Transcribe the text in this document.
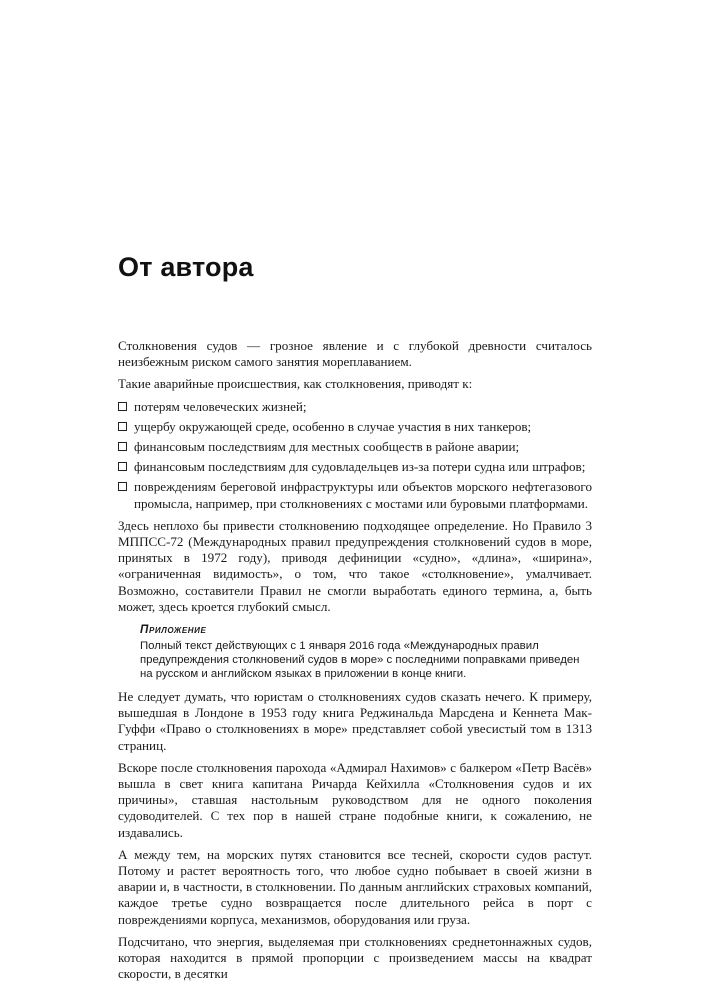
От автора

Столкновения судов — грозное явление и с глубокой древности считалось неизбежным риском самого занятия мореплаванием.

Такие аварийные происшествия, как столкновения, приводят к:

потерям человеческих жизней;
ущербу окружающей среде, особенно в случае участия в них танкеров;
финансовым последствиям для местных сообществ в районе аварии;
финансовым последствиям для судовладельцев из-за потери судна или штрафов;
повреждениям береговой инфраструктуры или объектов морского нефтегазового промысла, например, при столкновениях с мостами или буровыми платформами.

Здесь неплохо бы привести столкновению подходящее определение. Но Правило 3 МППСС-72 (Международных правил предупреждения столкновений судов в море, принятых в 1972 году), приводя дефиниции «судно», «длина», «ширина», «ограниченная видимость», о том, что такое «столкновение», умалчивает. Возможно, составители Правил не смогли выработать единого термина, а, быть может, здесь кроется глубокий смысл.

Приложение

Полный текст действующих с 1 января 2016 года «Международных правил предупреждения столкновений судов в море» с последними поправками приведен на русском и английском языках в приложении в конце книги.

Не следует думать, что юристам о столкновениях судов сказать нечего. К примеру, вышедшая в Лондоне в 1953 году книга Реджинальда Марсдена и Кеннета Мак-Гуффи «Право о столкновениях в море» представляет собой увесистый том в 1313 страниц.

Вскоре после столкновения парохода «Адмирал Нахимов» с балкером «Петр Васёв» вышла в свет книга капитана Ричарда Кейхилла «Столкновения судов и их причины», ставшая настольным руководством для не одного поколения судоводителей. С тех пор в нашей стране подобные книги, к сожалению, не издавались.

А между тем, на морских путях становится все тесней, скорости судов растут. Потому и растет вероятность того, что любое судно побывает в своей жизни в аварии и, в частности, в столкновении. По данным английских страховых компаний, каждое третье судно возвращается после длительного рейса в порт с повреждениями корпуса, механизмов, оборудования или груза.

Подсчитано, что энергия, выделяемая при столкновениях среднетоннажных судов, которая находится в прямой пропорции с произведением массы на квадрат скорости, в десятки
